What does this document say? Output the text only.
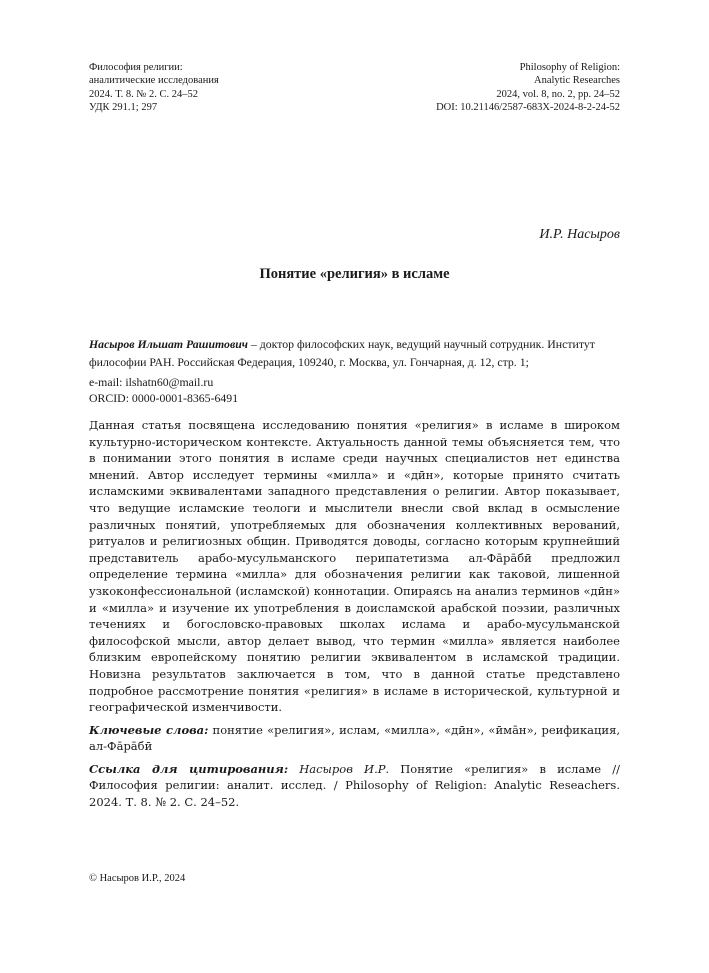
Философия религии:
аналитические исследования
2024. Т. 8. № 2. С. 24–52
УДК 291.1; 297
Philosophy of Religion:
Analytic Researches
2024, vol. 8, no. 2, pp. 24–52
DOI: 10.21146/2587-683X-2024-8-2-24-52
И.Р. Насыров
Понятие «религия» в исламе
Насыров Ильшат Рашитович – доктор философских наук, ведущий научный сотрудник. Институт философии РАН. Российская Федерация, 109240, г. Москва, ул. Гончарная, д. 12, стр. 1;
e-mail: ilshatn60@mail.ru
ORCID: 0000-0001-8365-6491
Данная статья посвящена исследованию понятия «религия» в исламе в широком культурно-историческом контексте. Актуальность данной темы объясняется тем, что в понимании этого понятия в исламе среди научных специалистов нет единства мнений. Автор исследует термины «милла» и «дӣн», которые принято считать исламскими эквивалентами западного представления о религии. Автор показывает, что ведущие исламские теологи и мыслители внесли свой вклад в осмысление различных понятий, употребляемых для обозначения коллективных верований, ритуалов и религиозных общин. Приводятся доводы, согласно которым крупнейший представитель арабо-мусульманского перипатетизма ал-Фа̄ра̄бӣ предложил определение термина «милла» для обозначения религии как таковой, лишенной узкоконфессиональной (исламской) коннотации. Опираясь на анализ терминов «дӣн» и «милла» и изучение их употребления в доисламской арабской поэзии, различных течениях и богословско-правовых школах ислама и арабо-мусульманской философской мысли, автор делает вывод, что термин «милла» является наиболее близким европейскому понятию религии эквивалентом в исламской традиции. Новизна результатов заключается в том, что в данной статье представлено подробное рассмотрение понятия «религия» в исламе в исторической, культурной и географической изменчивости.
Ключевые слова: понятие «религия», ислам, «милла», «дӣн», «ӣма̄н», реификация, ал-Фа̄ра̄бӣ
Ссылка для цитирования: Насыров И.Р. Понятие «религия» в исламе // Философия религии: аналит. исслед. / Philosophy of Religion: Analytic Reseachers. 2024. Т. 8. № 2. С. 24–52.
© Насыров И.Р., 2024
